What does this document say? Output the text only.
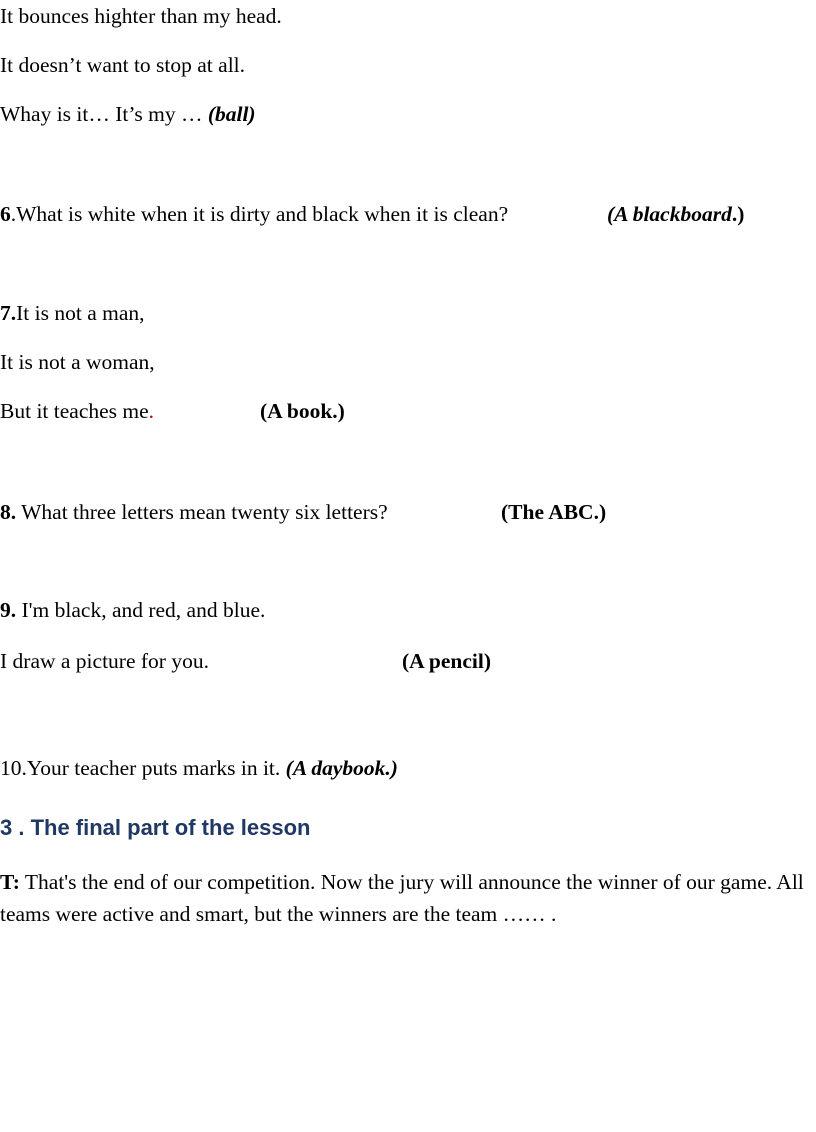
It bounces highter than my head.

It doesn’t want to stop at all.

Whay is it… It’s my … (ball)

6.What is white when it is dirty and black when it is clean?	(A blackboard.)

7.It is not a man,

It is not a woman,

But it teaches me.	(A book.)

8. What three letters mean twenty six letters?	(The ABC.)

9. I'm black, and red, and blue.

I draw a picture for you.	(A pencil)

10.Your teacher puts marks in it. (A daybook.)

3 . The final part of the lesson

T: That's the end of our competition. Now the jury will announce the winner of our game. All teams were active and smart, but the winners are the team …… .
